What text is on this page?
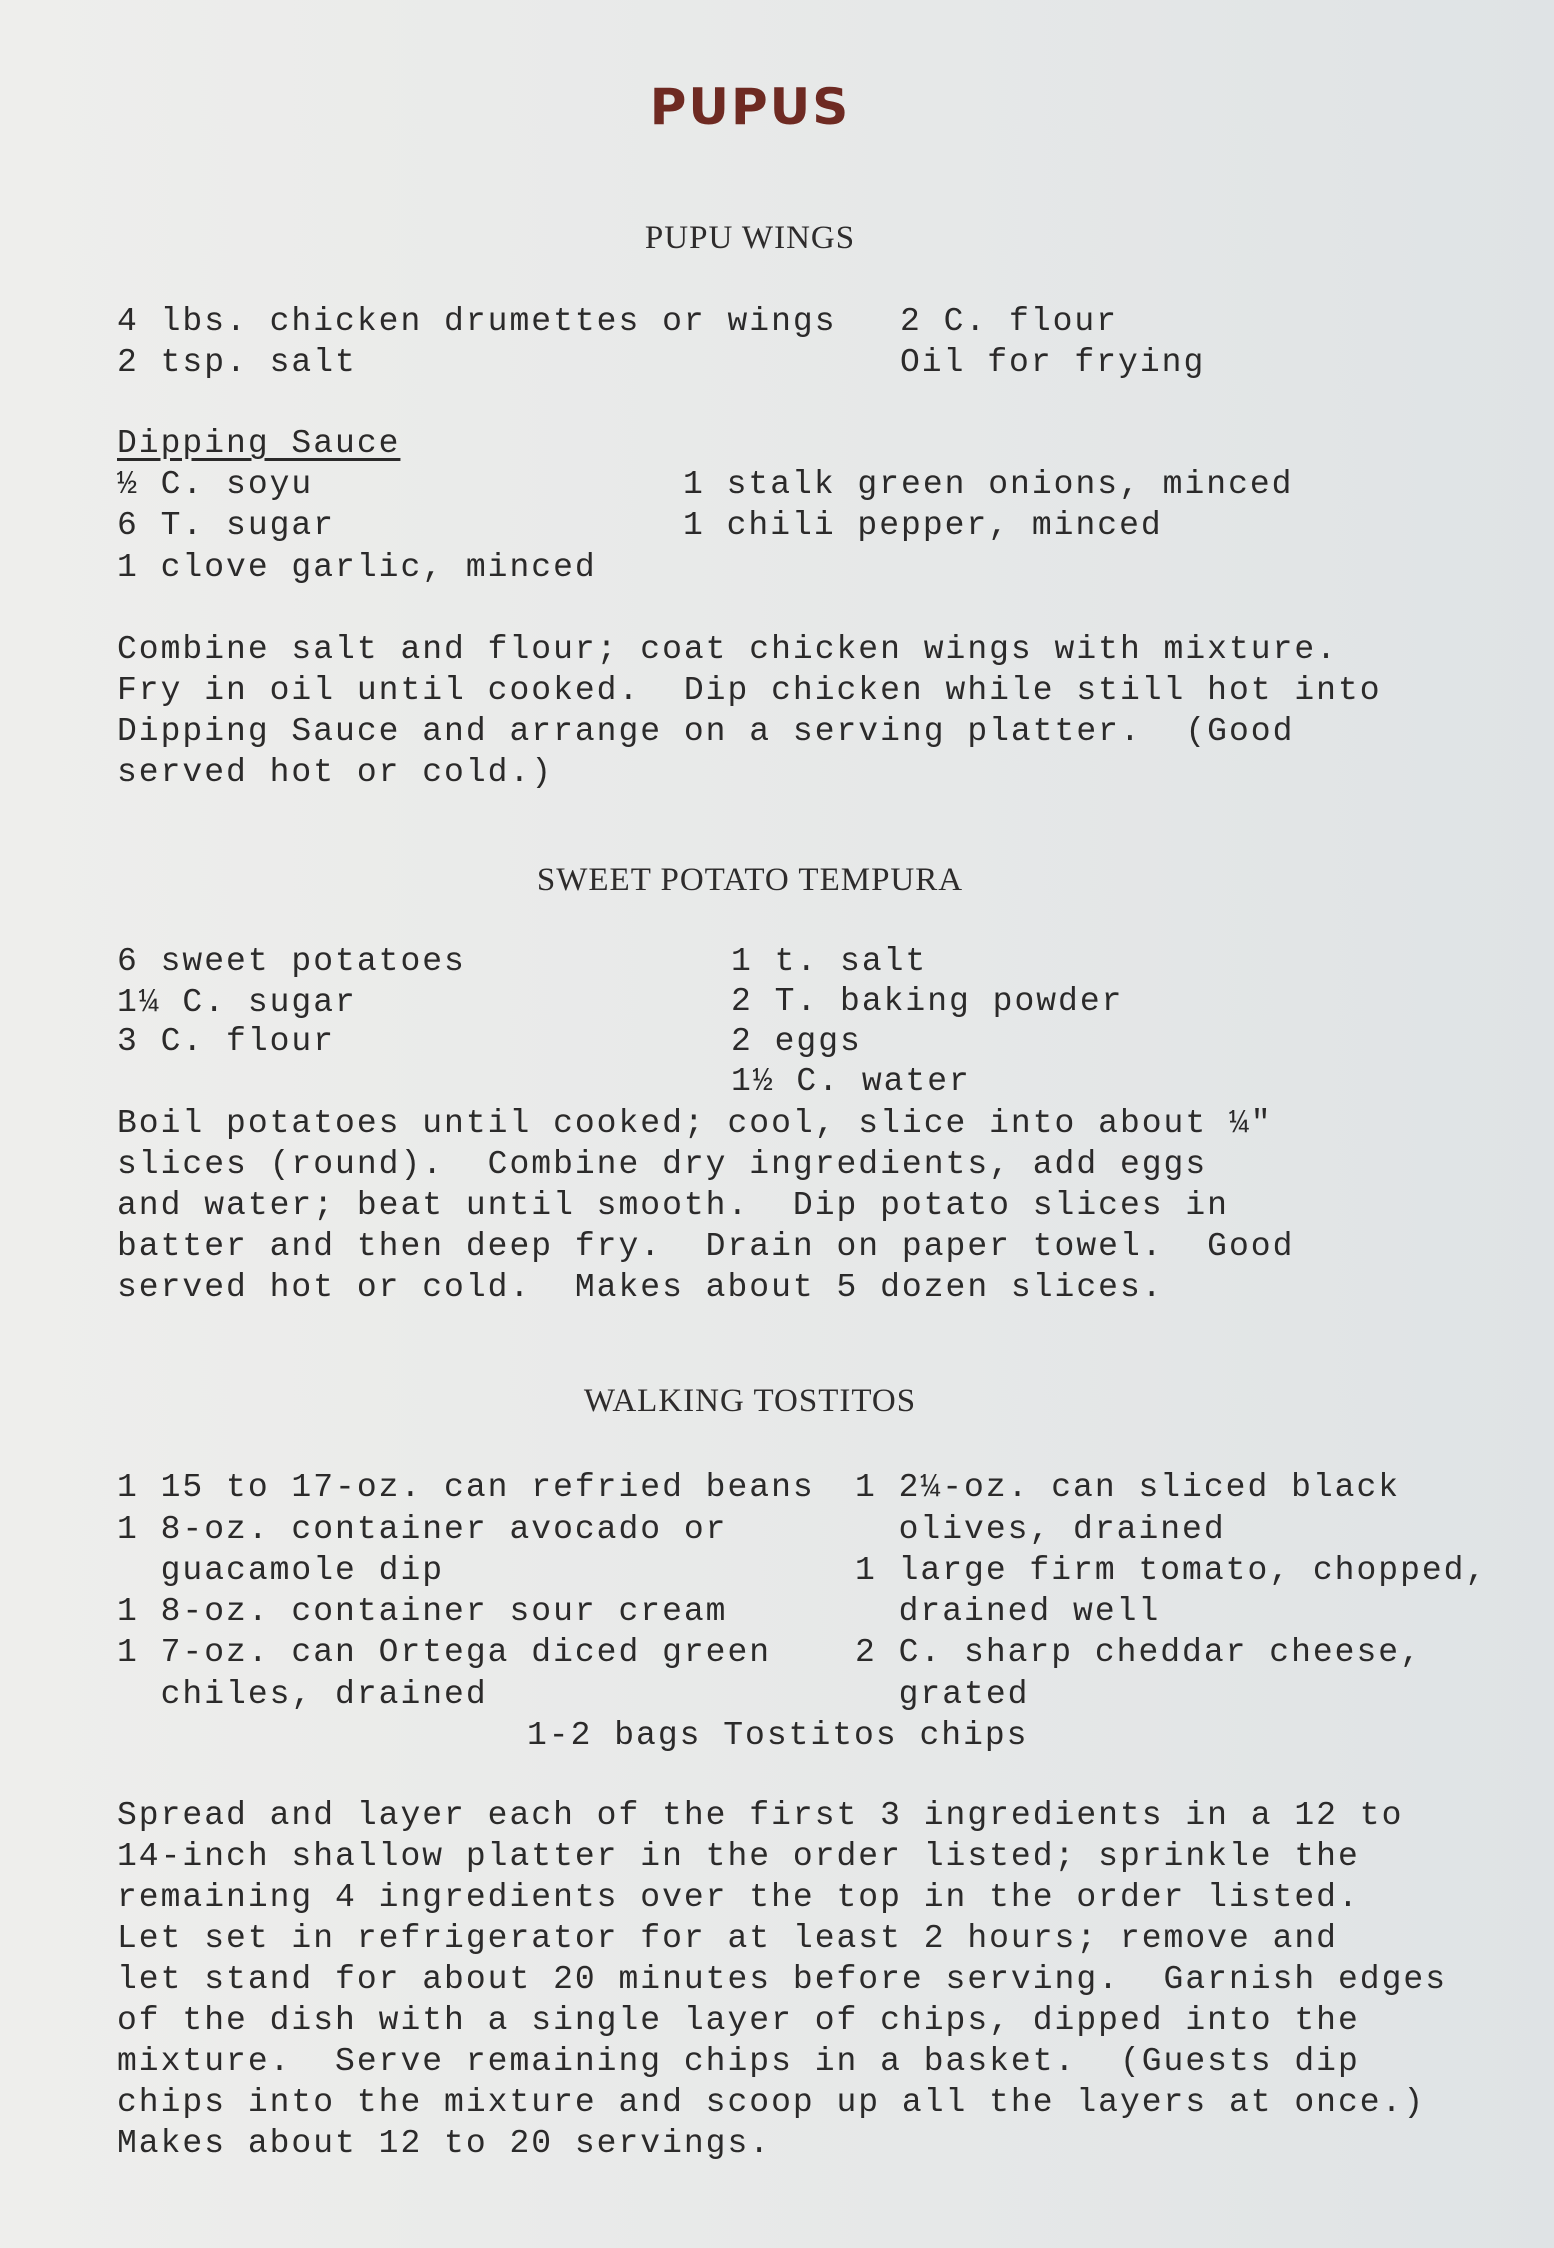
PUPUS
PUPU WINGS
4 lbs. chicken drumettes or wings
2 tsp. salt
2 C. flour
Oil for frying
Dipping Sauce
½ C. soyu
6 T. sugar
1 clove garlic, minced
1 stalk green onions, minced
1 chili pepper, minced
Combine salt and flour; coat chicken wings with mixture.
Fry in oil until cooked.  Dip chicken while still hot into
Dipping Sauce and arrange on a serving platter.  (Good
served hot or cold.)
SWEET POTATO TEMPURA
6 sweet potatoes
1¼ C. sugar
3 C. flour
1 t. salt
2 T. baking powder
2 eggs
1½ C. water
Boil potatoes until cooked; cool, slice into about ¼"
slices (round).  Combine dry ingredients, add eggs
and water; beat until smooth.  Dip potato slices in
batter and then deep fry.  Drain on paper towel.  Good
served hot or cold.  Makes about 5 dozen slices.
WALKING TOSTITOS
1 15 to 17-oz. can refried beans
1 8-oz. container avocado or
guacamole dip
1 8-oz. container sour cream
1 7-oz. can Ortega diced green
chiles, drained
1 2¼-oz. can sliced black
olives, drained
1 large firm tomato, chopped,
drained well
2 C. sharp cheddar cheese,
grated
1-2 bags Tostitos chips
Spread and layer each of the first 3 ingredients in a 12 to
14-inch shallow platter in the order listed; sprinkle the
remaining 4 ingredients over the top in the order listed.
Let set in refrigerator for at least 2 hours; remove and
let stand for about 20 minutes before serving.  Garnish edges
of the dish with a single layer of chips, dipped into the
mixture.  Serve remaining chips in a basket.  (Guests dip
chips into the mixture and scoop up all the layers at once.)
Makes about 12 to 20 servings.
